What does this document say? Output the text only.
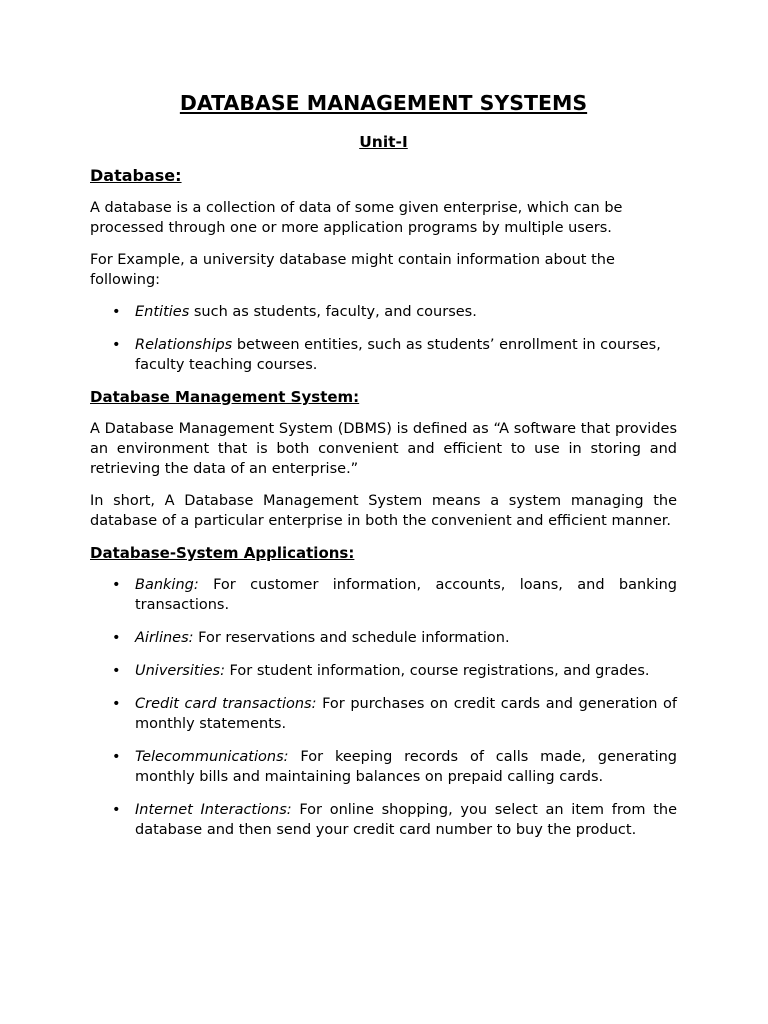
DATABASE MANAGEMENT SYSTEMS
Unit-I
Database:

A database is a collection of data of some given enterprise, which can be processed through one or more application programs by multiple users.

For Example, a university database might contain information about the following:

• Entities such as students, faculty, and courses.
• Relationships between entities, such as students’ enrollment in courses, faculty teaching courses.
Database Management System:

A Database Management System (DBMS) is defined as “A software that provides an environment that is both convenient and efficient to use in storing and retrieving the data of an enterprise.”

In short, A Database Management System means a system managing the database of a particular enterprise in both the convenient and efficient manner.

Database-System Applications:
• Banking: For customer information, accounts, loans, and banking transactions.
• Airlines: For reservations and schedule information.
• Universities: For student information, course registrations, and grades.
• Credit card transactions: For purchases on credit cards and generation of monthly statements.
• Telecommunications: For keeping records of calls made, generating monthly bills and maintaining balances on prepaid calling cards.
• Internet Interactions: For online shopping, you select an item from the database and then send your credit card number to buy the product.
